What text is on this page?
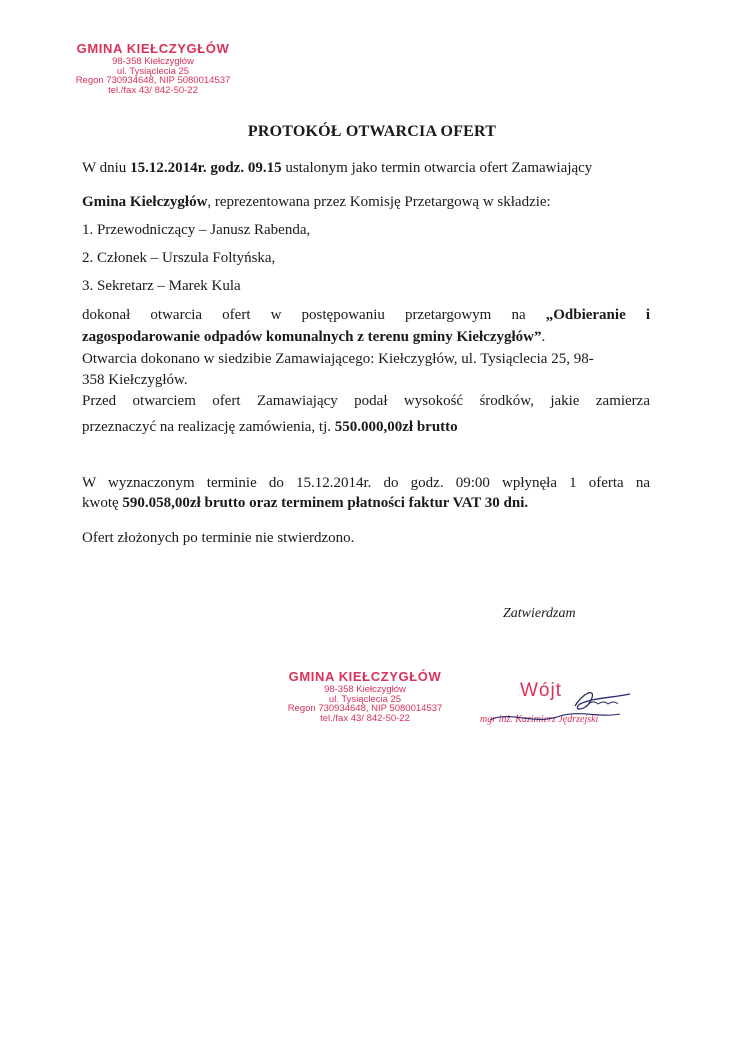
GMINA KIEŁCZYGŁÓW
98-358 Kiełczygłów
ul. Tysiąclecia 25
Regon 730934648, NIP 5080014537
tel./fax 43/ 842-50-22
PROTOKÓŁ OTWARCIA OFERT
W dniu 15.12.2014r. godz. 09.15 ustalonym jako termin otwarcia ofert Zamawiający
Gmina Kiełczygłów, reprezentowana przez Komisję Przetargową w składzie:
1. Przewodniczący – Janusz Rabenda,
2. Członek – Urszula Foltyńska,
3. Sekretarz – Marek Kula
dokonał otwarcia ofert w postępowaniu przetargowym na „Odbieranie i
zagospodarowanie odpadów komunalnych z terenu gminy Kiełczygłów”.
Otwarcia dokonano w siedzibie Zamawiającego: Kiełczygłów, ul. Tysiąclecia 25, 98-
358 Kiełczygłów.
Przed otwarciem ofert Zamawiający podał wysokość środków, jakie zamierza
przeznaczyć na realizację zamówienia, tj. 550.000,00zł brutto
W wyznaczonym terminie do 15.12.2014r. do godz. 09:00 wpłynęła 1 oferta na
kwotę 590.058,00zł brutto oraz terminem płatności faktur VAT 30 dni.
Ofert złożonych po terminie nie stwierdzono.
Zatwierdzam
GMINA KIEŁCZYGŁÓW
98-358 Kiełczygłów
ul. Tysiąclecia 25
Regon 730934648, NIP 5080014537
tel./fax 43/ 842-50-22
Wójt
mgr inż. Kazimierz Jędrzejski
